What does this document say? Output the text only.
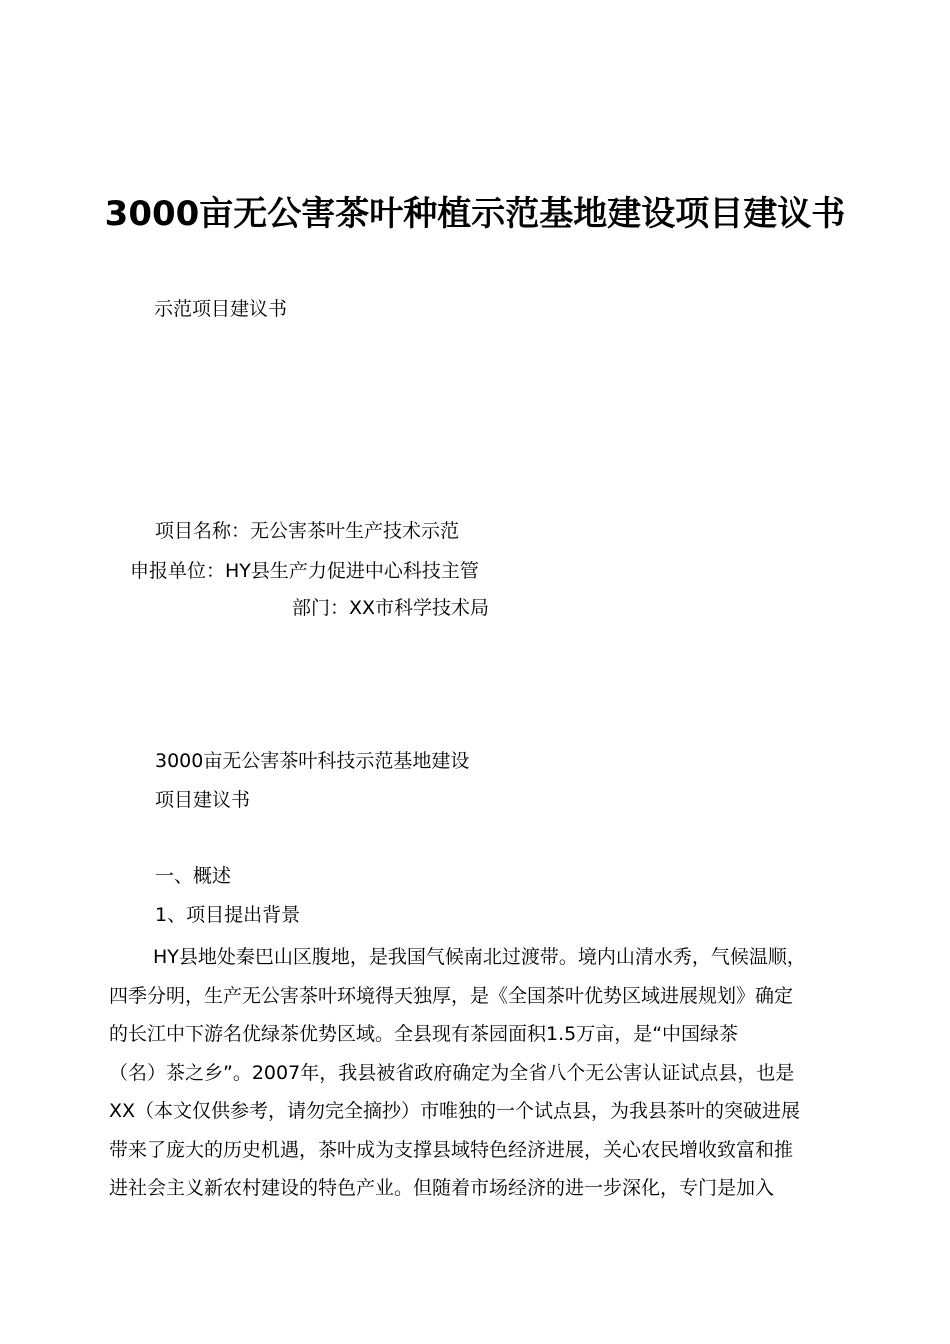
3000亩无公害茶叶种植示范基地建设项目建议书
示范项目建议书
项目名称：无公害茶叶生产技术示范
申报单位：HY县生产力促进中心科技主管
部门：XX市科学技术局
3000亩无公害茶叶科技示范基地建设
项目建议书
一、概述
1、项目提出背景
HY县地处秦巴山区腹地，是我国气候南北过渡带。境内山清水秀，气候温顺，
四季分明，生产无公害茶叶环境得天独厚，是《全国茶叶优势区域进展规划》确定
的长江中下游名优绿茶优势区域。全县现有茶园面积1.5万亩，是“中国绿茶
（名）茶之乡”。2007年，我县被省政府确定为全省八个无公害认证试点县，也是
XX（本文仅供参考，请勿完全摘抄）市唯独的一个试点县，为我县茶叶的突破进展
带来了庞大的历史机遇，茶叶成为支撑县域特色经济进展，关心农民增收致富和推
进社会主义新农村建设的特色产业。但随着市场经济的进一步深化，专门是加入
